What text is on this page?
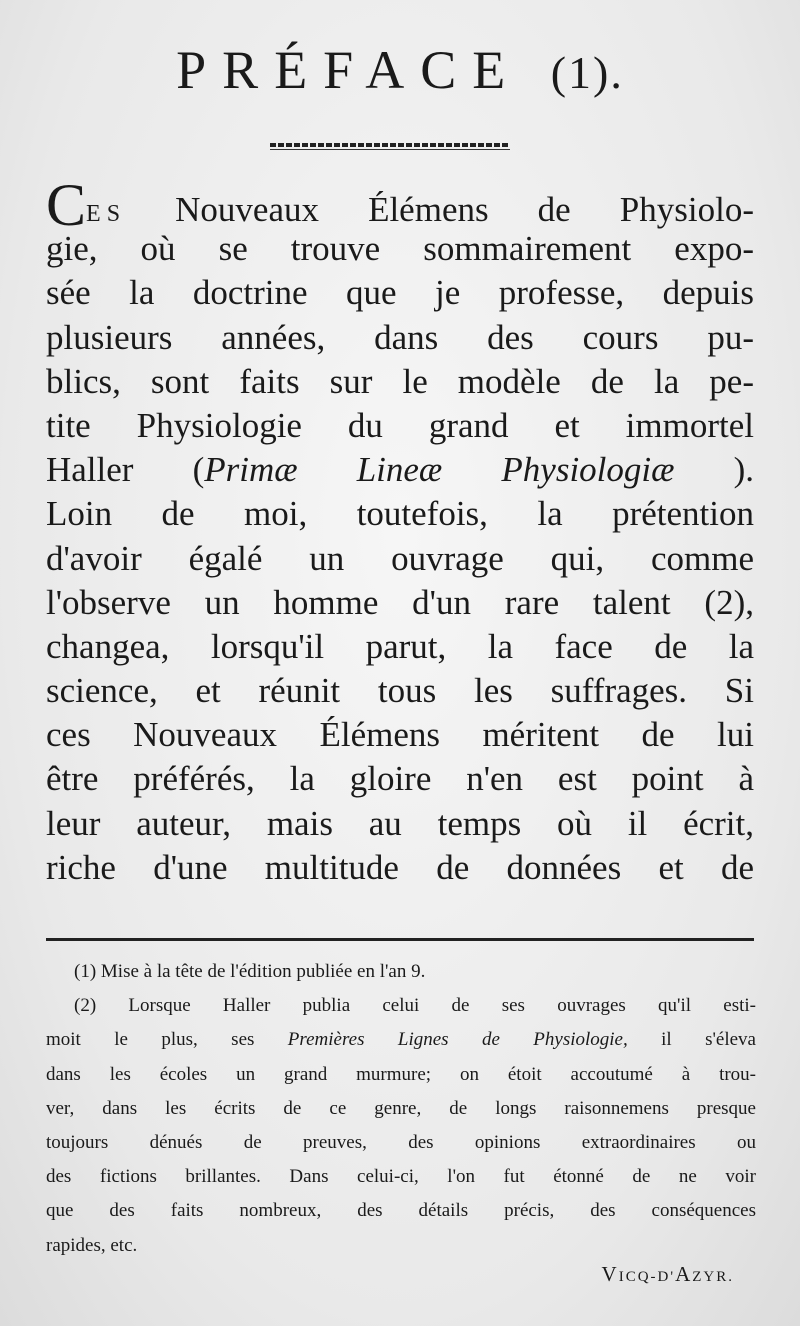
PRÉFACE (1).
CES Nouveaux Élémens de Physiolo-
gie, où se trouve sommairement expo-
sée la doctrine que je professe, depuis
plusieurs années, dans des cours pu-
blics, sont faits sur le modèle de la pe-
tite Physiologie du grand et immortel
Haller (Primæ Lineæ Physiologiæ ).
Loin de moi, toutefois, la prétention
d'avoir égalé un ouvrage qui, comme
l'observe un homme d'un rare talent (2),
changea, lorsqu'il parut, la face de la
science, et réunit tous les suffrages. Si
ces Nouveaux Élémens méritent de lui
être préférés, la gloire n'en est point à
leur auteur, mais au temps où il écrit,
riche d'une multitude de données et de
(1) Mise à la tête de l'édition publiée en l'an 9.
(2) Lorsque Haller publia celui de ses ouvrages qu'il esti-
moit le plus, ses Premières Lignes de Physiologie, il s'éleva
dans les écoles un grand murmure; on étoit accoutumé à trou-
ver, dans les écrits de ce genre, de longs raisonnemens presque
toujours dénués de preuves, des opinions extraordinaires ou
des fictions brillantes. Dans celui-ci, l'on fut étonné de ne voir
que des faits nombreux, des détails précis, des conséquences
rapides, etc.
VICQ-D'AZYR.
